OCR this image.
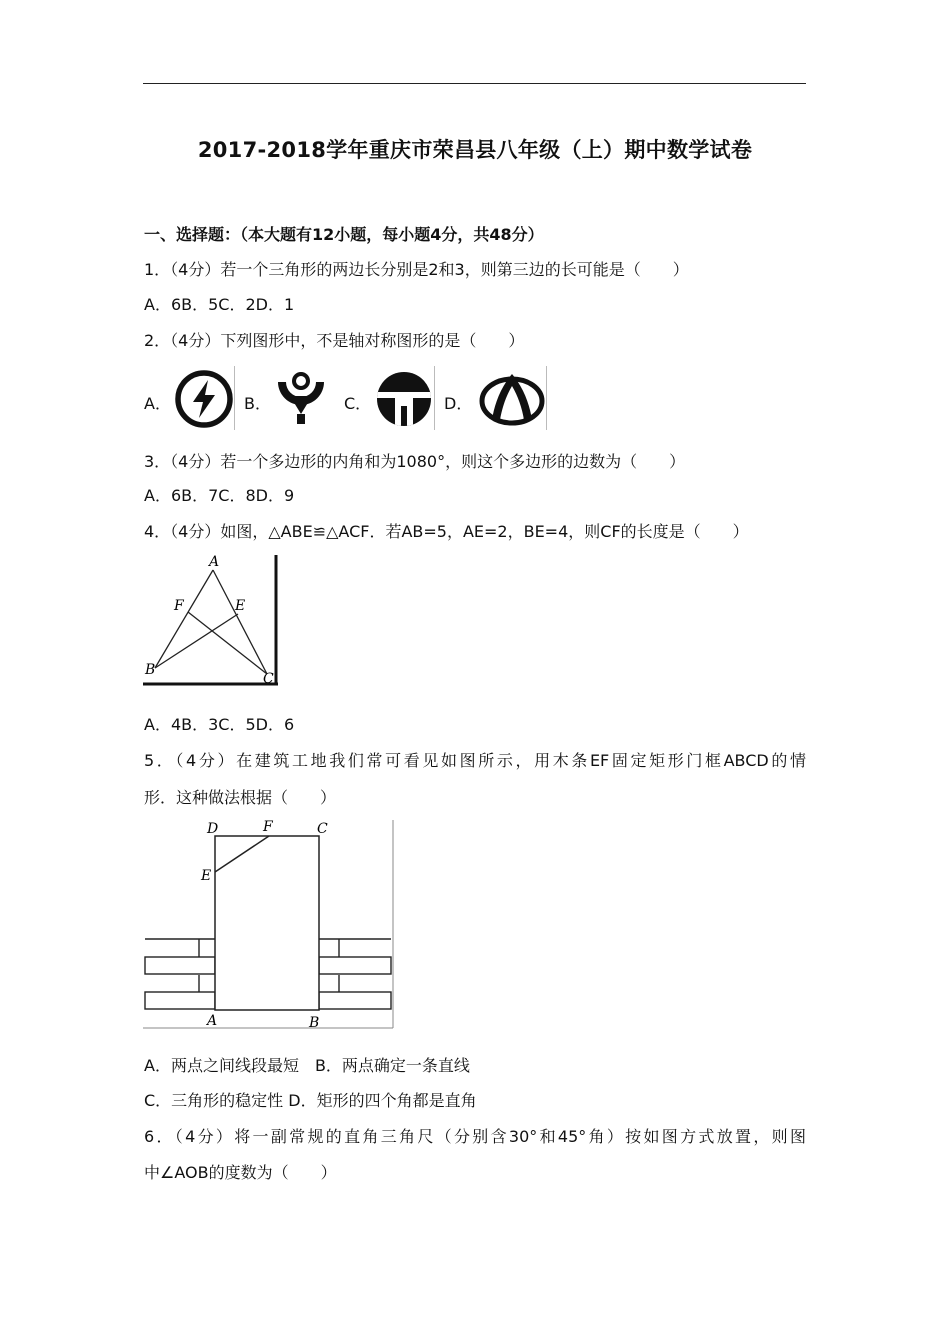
2017-2018学年重庆市荣昌县八年级（上）期中数学试卷
一、选择题：（本大题有12小题，每小题4分，共48分）
1．（4分）若一个三角形的两边长分别是2和3，则第三边的长可能是（　　）
A．6B．5C．2D．1
2．（4分）下列图形中，不是轴对称图形的是（　　）
A．	B．	C．	D．
3．（4分）若一个多边形的内角和为1080°，则这个多边形的边数为（　　）
A．6B．7C．8D．9
4．（4分）如图，△ABE≌△ACF．若AB=5，AE=2，BE=4，则CF的长度是（　　）
A
F	E
B
C
A．4B．3C．5D．6
5．（4分）在建筑工地我们常可看见如图所示，用木条EF固定矩形门框ABCD的情
形．这种做法根据（　　）
D	F	C
E
A	B
A．两点之间线段最短　B．两点确定一条直线
C．三角形的稳定性 D．矩形的四个角都是直角
6．（4分）将一副常规的直角三角尺（分别含30°和45°角）按如图方式放置，则图
中∠AOB的度数为（　　）
